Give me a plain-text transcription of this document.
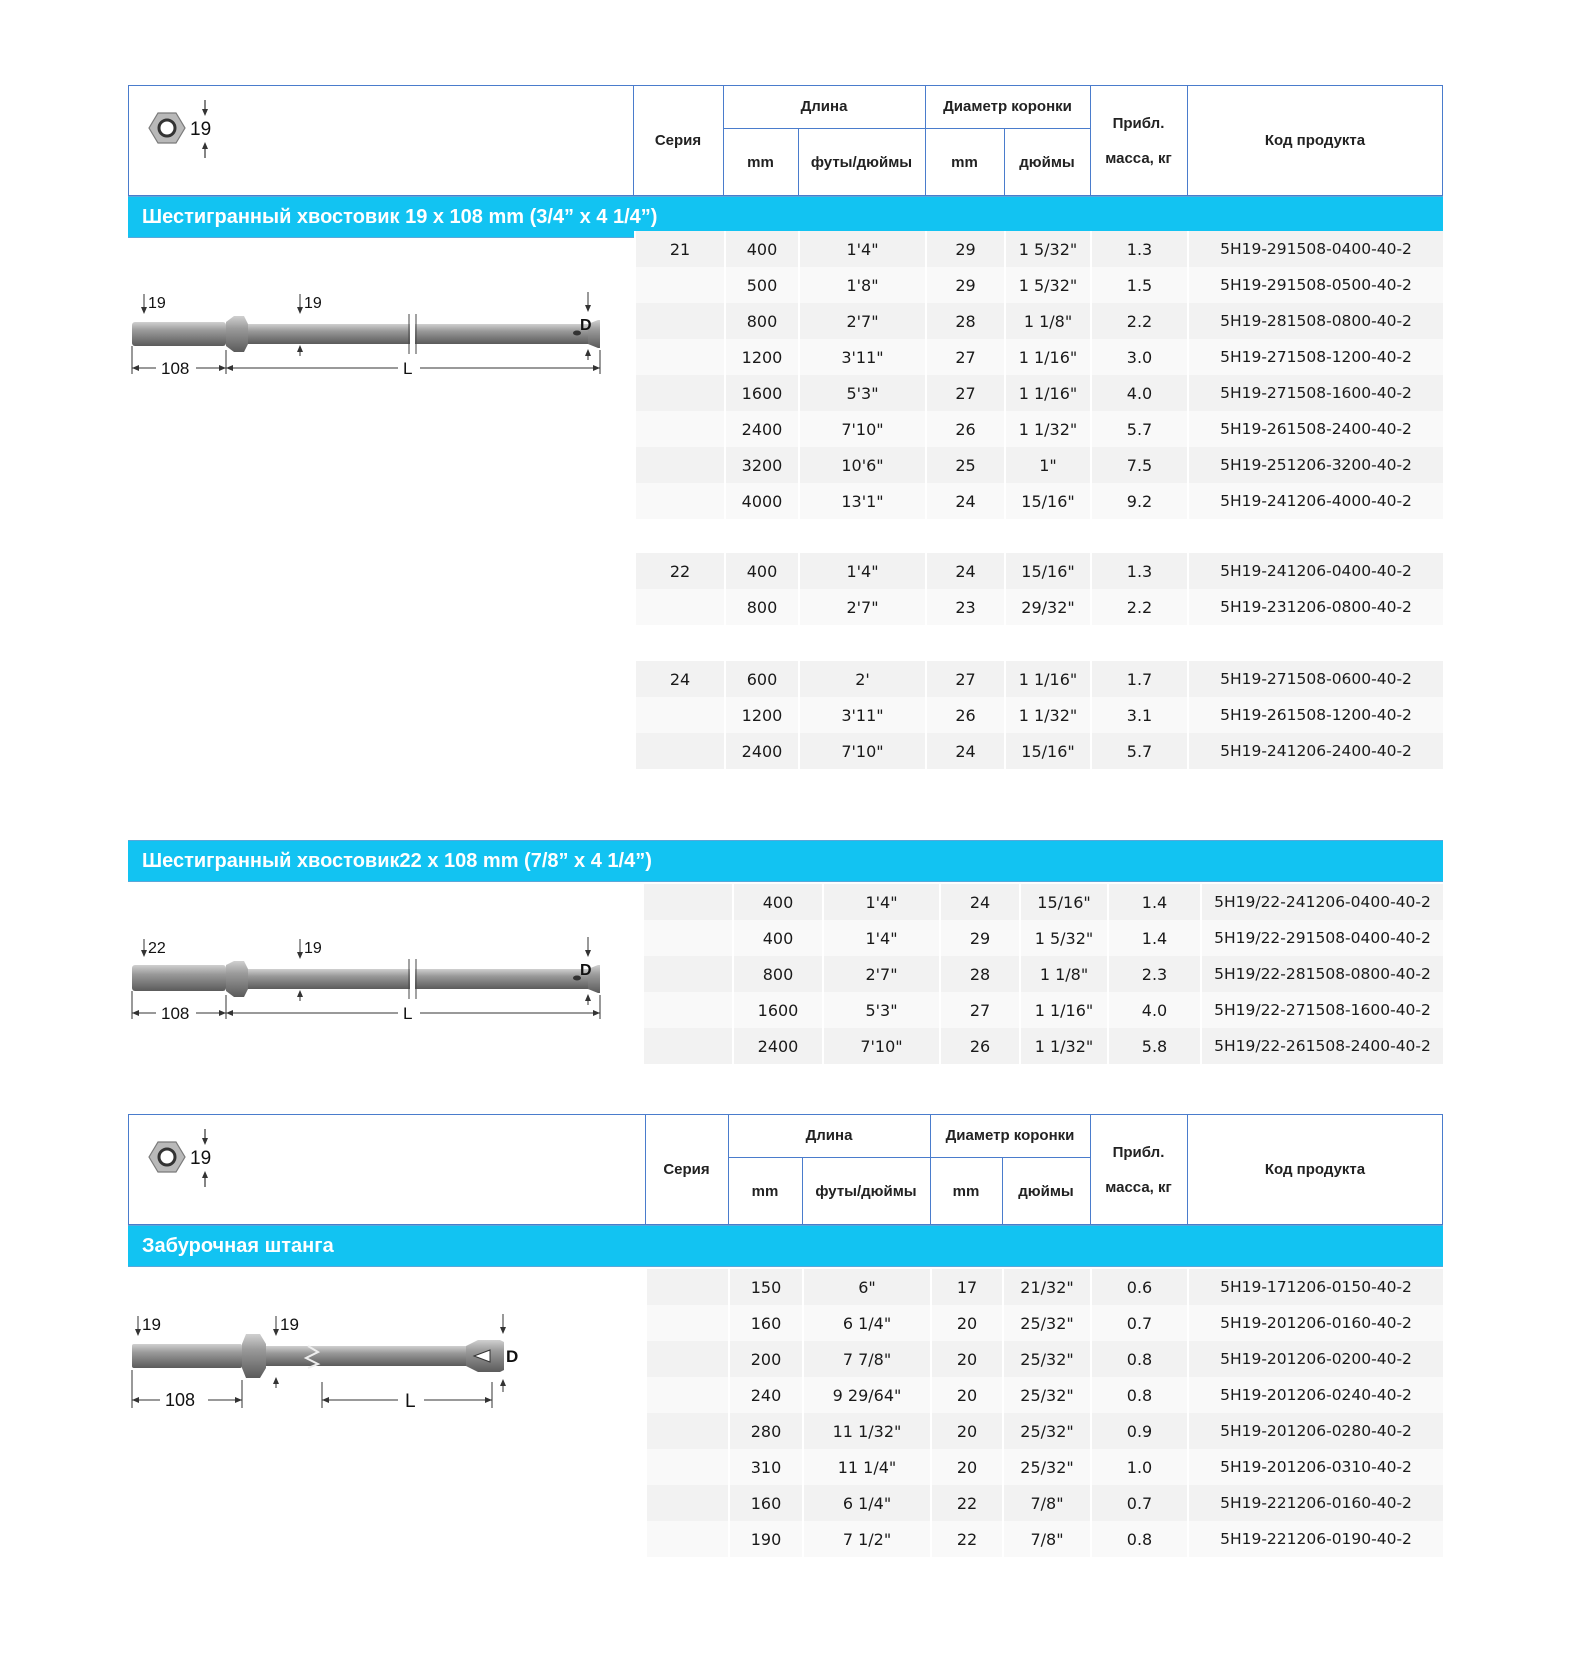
19
Серия
Длина
mm	футы/дюймы
Диаметр коронки
mm	дюймы
Прибл.
масса, кг
Код продукта
Шестигранный хвостовик 19 x 108 mm (3/4” x 4 1/4”)
19	19
D
108	L
21	400	1'4"	29	1 5/32"	1.3	5H19-291508-0400-40-2
500	1'8"	29	1 5/32"	1.5	5H19-291508-0500-40-2
800	2'7"	28	1 1/8"	2.2	5H19-281508-0800-40-2
1200	3'11"	27	1 1/16"	3.0	5H19-271508-1200-40-2
1600	5'3"	27	1 1/16"	4.0	5H19-271508-1600-40-2
2400	7'10"	26	1 1/32"	5.7	5H19-261508-2400-40-2
3200	10'6"	25	1"	7.5	5H19-251206-3200-40-2
4000	13'1"	24	15/16"	9.2	5H19-241206-4000-40-2
22	400	1'4"	24	15/16"	1.3	5H19-241206-0400-40-2
800	2'7"	23	29/32"	2.2	5H19-231206-0800-40-2
24	600	2'	27	1 1/16"	1.7	5H19-271508-0600-40-2
1200	3'11"	26	1 1/32"	3.1	5H19-261508-1200-40-2
2400	7'10"	24	15/16"	5.7	5H19-241206-2400-40-2
Шестигранный хвостовик22 x 108 mm (7/8” x 4 1/4”)
22	19
D
108	L
400	1'4"	24	15/16"	1.4	5H19/22-241206-0400-40-2
400	1'4"	29	1 5/32"	1.4	5H19/22-291508-0400-40-2
800	2'7"	28	1 1/8"	2.3	5H19/22-281508-0800-40-2
1600	5'3"	27	1 1/16"	4.0	5H19/22-271508-1600-40-2
2400	7'10"	26	1 1/32"	5.8	5H19/22-261508-2400-40-2
19
Серия
Длина
mm	футы/дюймы
Диаметр коронки
mm	дюймы
Прибл.
масса, кг
Код продукта
Забурочная штанга
19	19
D
108	L
150	6"	17	21/32"	0.6	5H19-171206-0150-40-2
160	6 1/4"	20	25/32"	0.7	5H19-201206-0160-40-2
200	7 7/8"	20	25/32"	0.8	5H19-201206-0200-40-2
240	9 29/64"	20	25/32"	0.8	5H19-201206-0240-40-2
280	11 1/32"	20	25/32"	0.9	5H19-201206-0280-40-2
310	11 1/4"	20	25/32"	1.0	5H19-201206-0310-40-2
160	6 1/4"	22	7/8"	0.7	5H19-221206-0160-40-2
190	7 1/2"	22	7/8"	0.8	5H19-221206-0190-40-2
